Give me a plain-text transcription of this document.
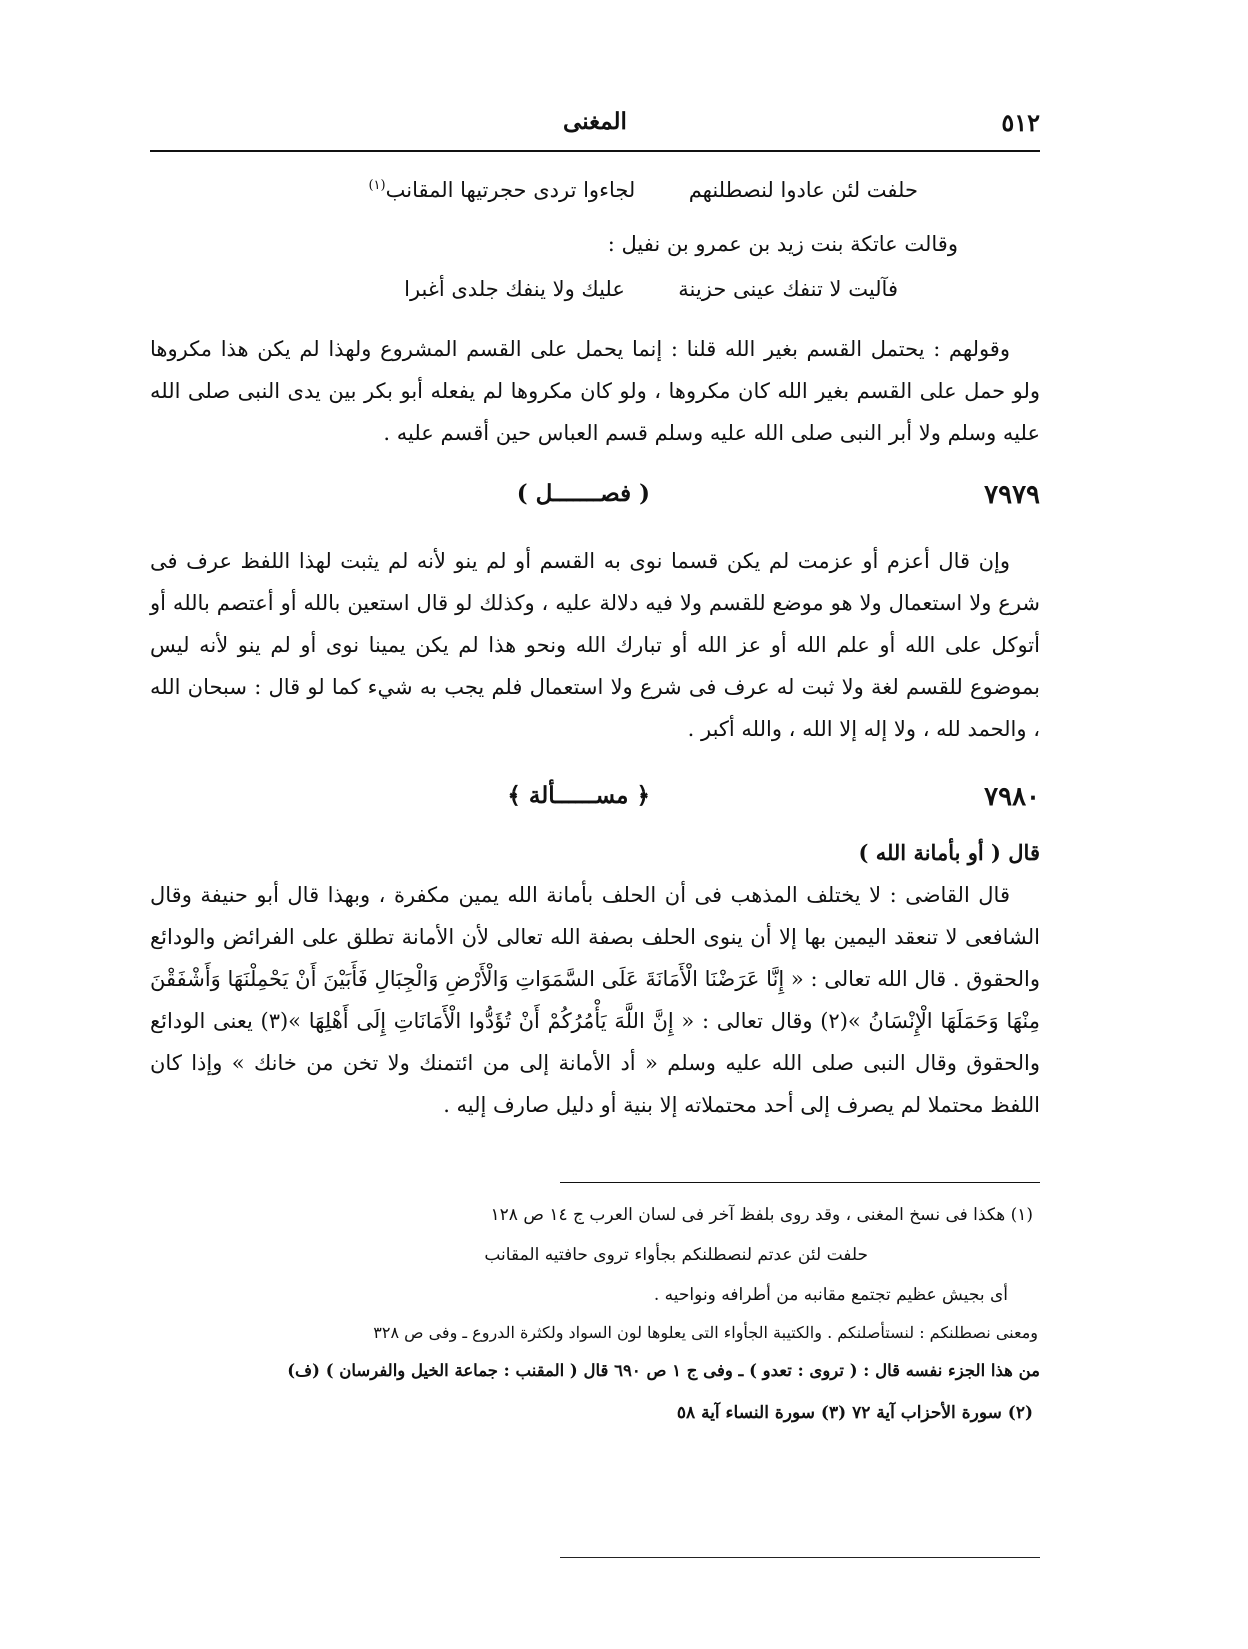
٥١٢
المغنى
حلفت لئن عادوا لنصطلنهم  لجاءوا تردى حجرتيها المقانب$^{(١)}$
وقالت عاتكة بنت زيد بن عمرو بن نفيل :
فآليت لا تنفك عينى حزينة  عليك ولا ينفك جلدى أغبرا
وقولهم : يحتمل القسم بغير الله قلنا : إنما يحمل على القسم المشروع ولهذا لم يكن هذا مكروها ولو حمل على القسم بغير الله كان مكروها ، ولو كان مكروها لم يفعله أبو بكر بين يدى النبى صلى الله عليه وسلم ولا أبر النبى صلى الله عليه وسلم قسم العباس حين أقسم عليه .
٧٩٧٩
( فصـــــــل )
وإن قال أعزم أو عزمت لم يكن قسما نوى به القسم أو لم ينو لأنه لم يثبت لهذا اللفظ عرف فى شرع ولا استعمال ولا هو موضع للقسم ولا فيه دلالة عليه ، وكذلك لو قال استعين بالله أو أعتصم بالله أو أتوكل على الله أو علم الله أو عز الله أو تبارك الله ونحو هذا لم يكن يمينا نوى أو لم ينو لأنه ليس بموضوع للقسم لغة ولا ثبت له عرف فى شرع ولا استعمال فلم يجب به شيء كما لو قال : سبحان الله ، والحمد لله ، ولا إله إلا الله ، والله أكبر .
٧٩٨٠
﴿ مســــــألة ﴾
قال ( أو بأمانة الله )
قال القاضى : لا يختلف المذهب فى أن الحلف بأمانة الله يمين مكفرة ، وبهذا قال أبو حنيفة وقال الشافعى لا تنعقد اليمين بها إلا أن ينوى الحلف بصفة الله تعالى لأن الأمانة تطلق على الفرائض والودائع والحقوق . قال الله تعالى : « إِنَّا عَرَضْنَا الْأَمَانَةَ عَلَى السَّمَوَاتِ وَالْأَرْضِ وَالْجِبَالِ فَأَبَيْنَ أَنْ يَحْمِلْنَهَا وَأَشْفَقْنَ مِنْهَا وَحَمَلَهَا الْإِنْسَانُ »(٢) وقال تعالى : « إِنَّ اللَّهَ يَأْمُرُكُمْ أَنْ تُؤَدُّوا الْأَمَانَاتِ إِلَى أَهْلِهَا »(٣) يعنى الودائع والحقوق وقال النبى صلى الله عليه وسلم « أد الأمانة إلى من ائتمنك ولا تخن من خانك » وإذا كان اللفظ محتملا لم يصرف إلى أحد محتملاته إلا بنية أو دليل صارف إليه .
(١) هكذا فى نسخ المغنى ، وقد روى بلفظ آخر فى لسان العرب ج ١٤ ص ١٢٨
حلفت لئن عدتم لنصطلنكم بجأواء تروى حافتيه المقانب
أى بجيش عظيم تجتمع مقانبه من أطرافه ونواحيه .
ومعنى نصطلنكم : لنستأصلنكم . والكتيبة الجأواء التى يعلوها لون السواد ولكثرة الدروع ـ وفى ص ٣٢٨
من هذا الجزء نفسه قال : ( تروى : تعدو ) ـ وفى ج ١ ص ٦٩٠ قال ( المقنب : جماعة الخيل والفرسان ) (ف)
(٢) سورة الأحزاب آية ٧٢ (٣) سورة النساء آية ٥٨
